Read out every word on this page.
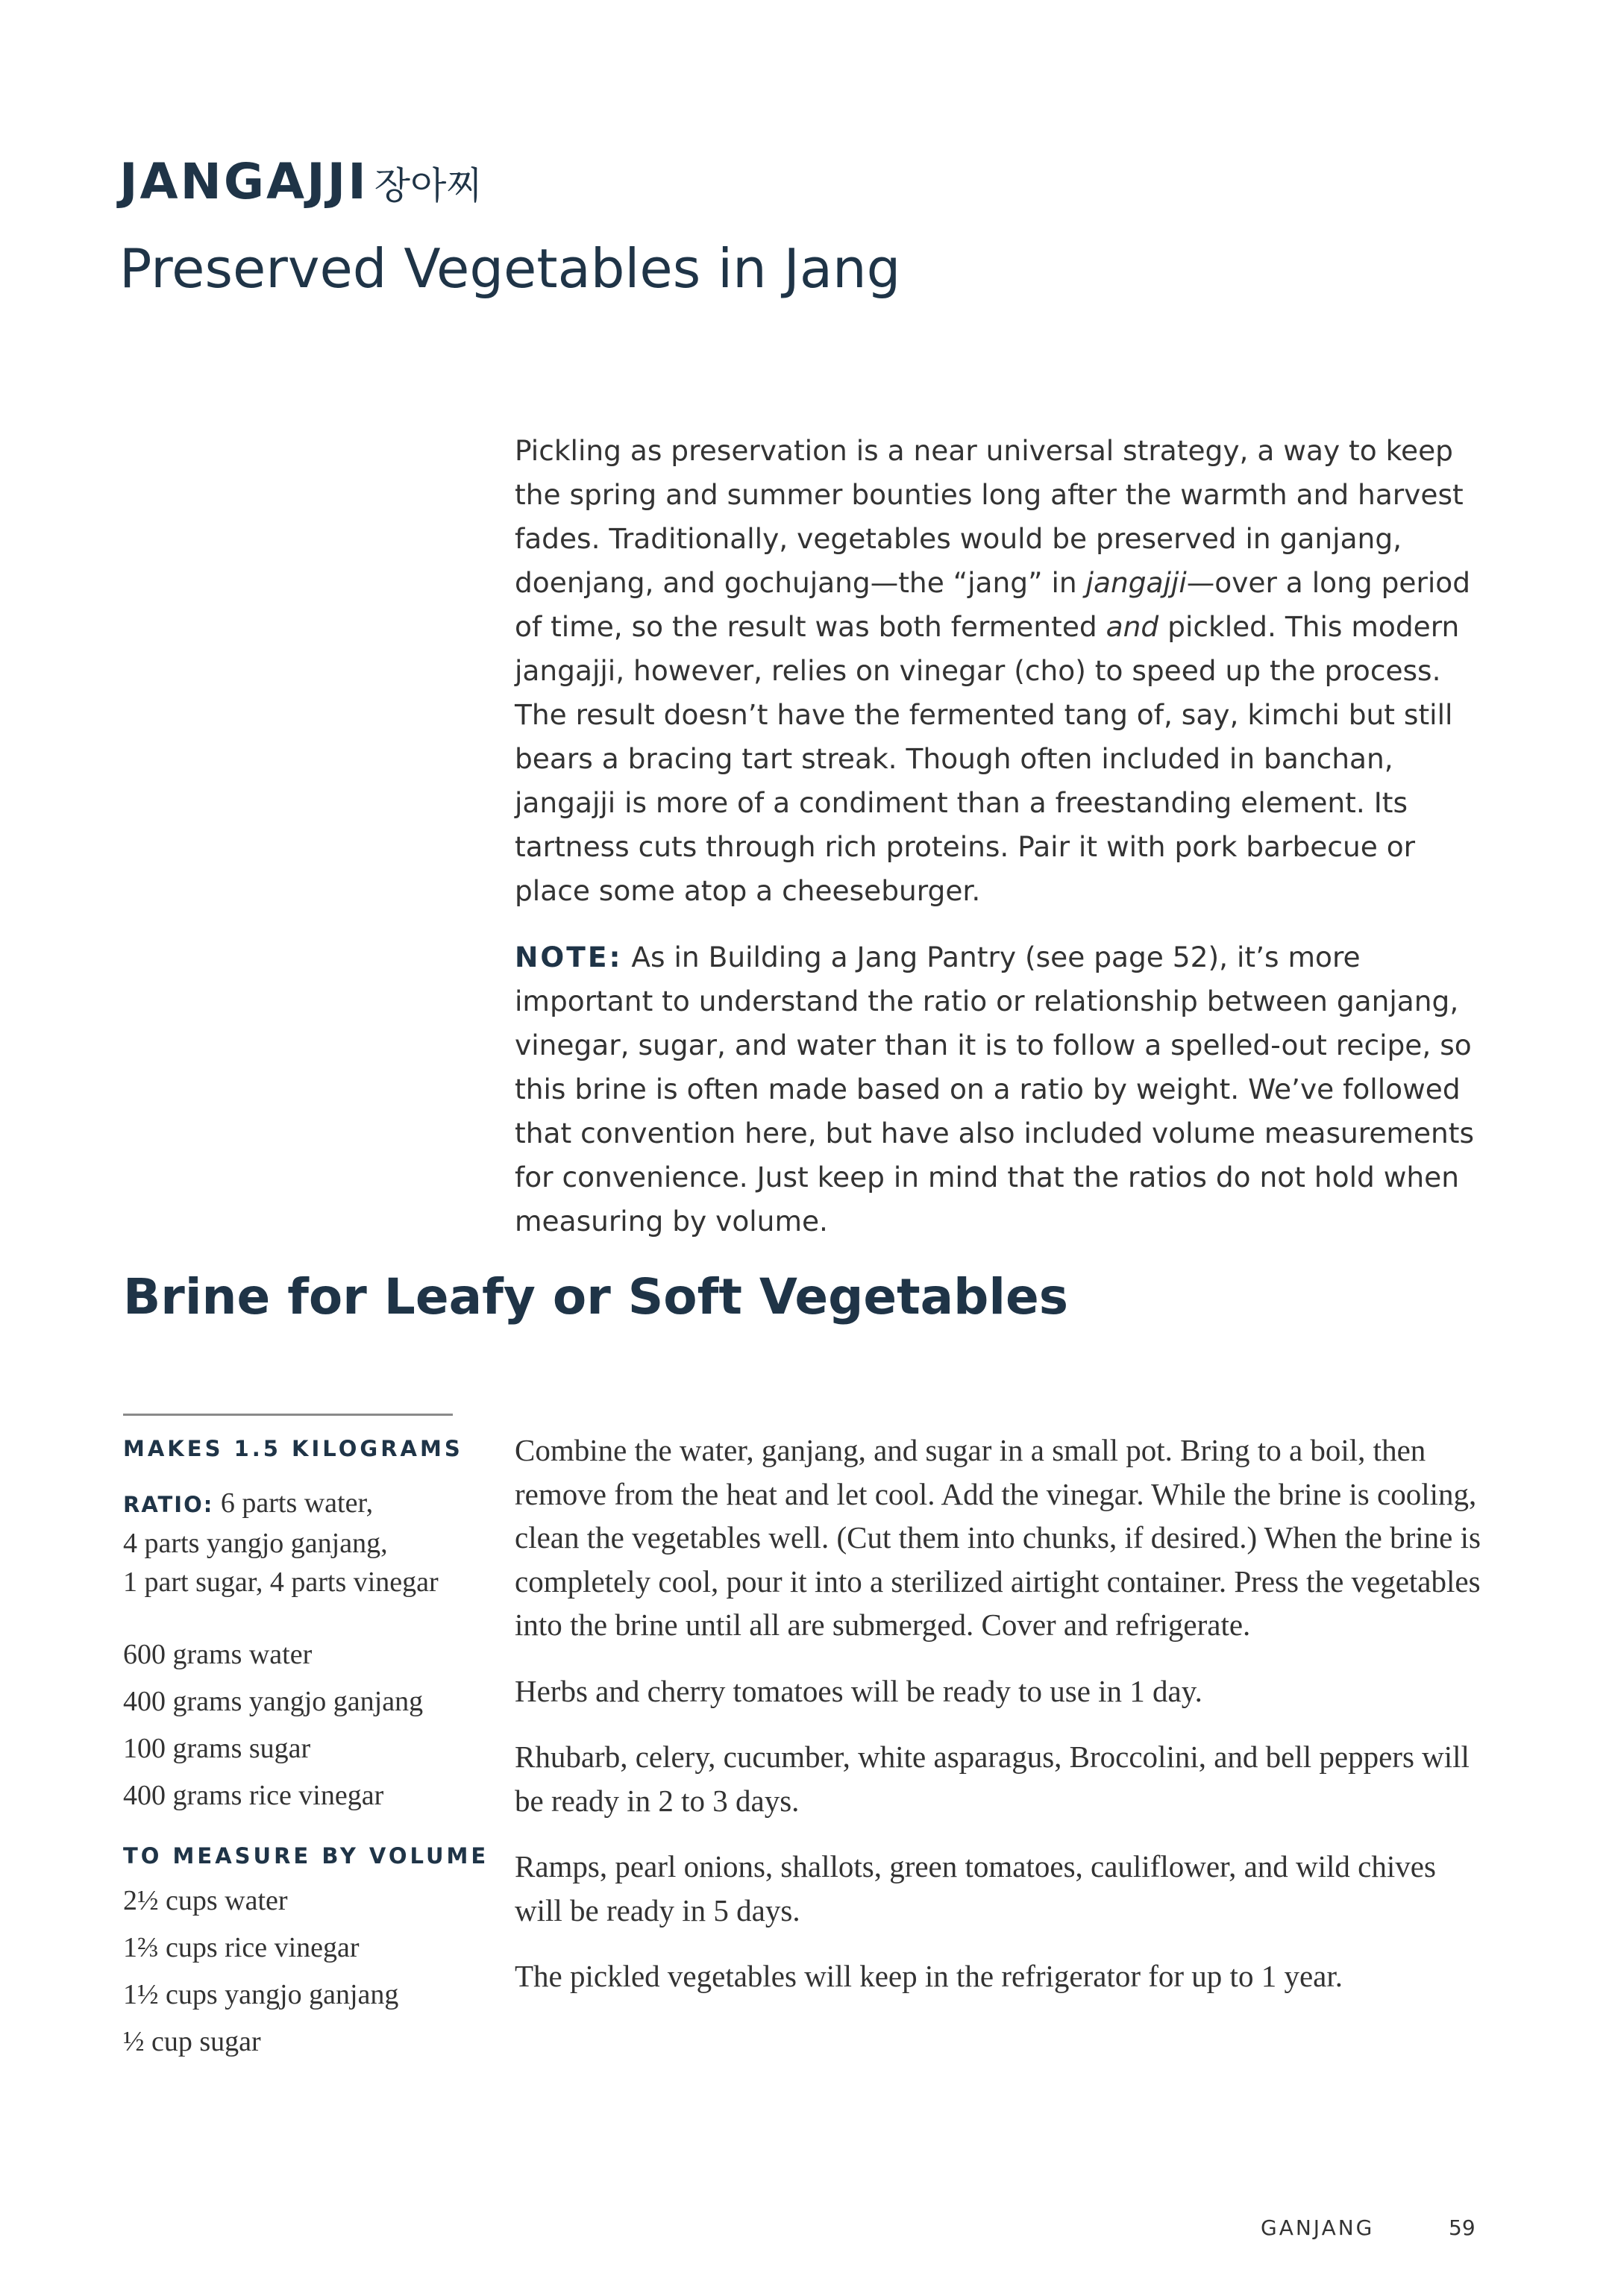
JANGAJJI 장아찌
Preserved Vegetables in Jang

Pickling as preservation is a near universal strategy, a way to keep the spring and summer bounties long after the warmth and harvest fades. Traditionally, vegetables would be preserved in ganjang, doenjang, and gochujang—the “jang” in jangajji—over a long period of time, so the result was both fermented and pickled. This modern jangajji, however, relies on vinegar (cho) to speed up the process. The result doesn’t have the fermented tang of, say, kimchi but still bears a bracing tart streak. Though often included in banchan, jangajji is more of a condiment than a freestanding element. Its tartness cuts through rich proteins. Pair it with pork barbecue or place some atop a cheeseburger.

NOTE: As in Building a Jang Pantry (see page 52), it’s more important to understand the ratio or relationship between ganjang, vinegar, sugar, and water than it is to follow a spelled-out recipe, so this brine is often made based on a ratio by weight. We’ve followed that convention here, but have also included volume measurements for convenience. Just keep in mind that the ratios do not hold when measuring by volume.

Brine for Leafy or Soft Vegetables
MAKES 1.5 KILOGRAMS
RATIO: 6 parts water,
4 parts yangjo ganjang,
1 part sugar, 4 parts vinegar
600 grams water
400 grams yangjo ganjang
100 grams sugar
400 grams rice vinegar
TO MEASURE BY VOLUME
2½ cups water
1⅔ cups rice vinegar
1½ cups yangjo ganjang
½ cup sugar

Combine the water, ganjang, and sugar in a small pot. Bring to a boil, then remove from the heat and let cool. Add the vinegar. While the brine is cooling, clean the vegetables well. (Cut them into chunks, if desired.) When the brine is completely cool, pour it into a sterilized airtight container. Press the vegetables into the brine until all are submerged. Cover and refrigerate.

Herbs and cherry tomatoes will be ready to use in 1 day.

Rhubarb, celery, cucumber, white asparagus, Broccolini, and bell peppers will be ready in 2 to 3 days.

Ramps, pearl onions, shallots, green tomatoes, cauliflower, and wild chives will be ready in 5 days.

The pickled vegetables will keep in the refrigerator for up to 1 year.

GANJANG	59
